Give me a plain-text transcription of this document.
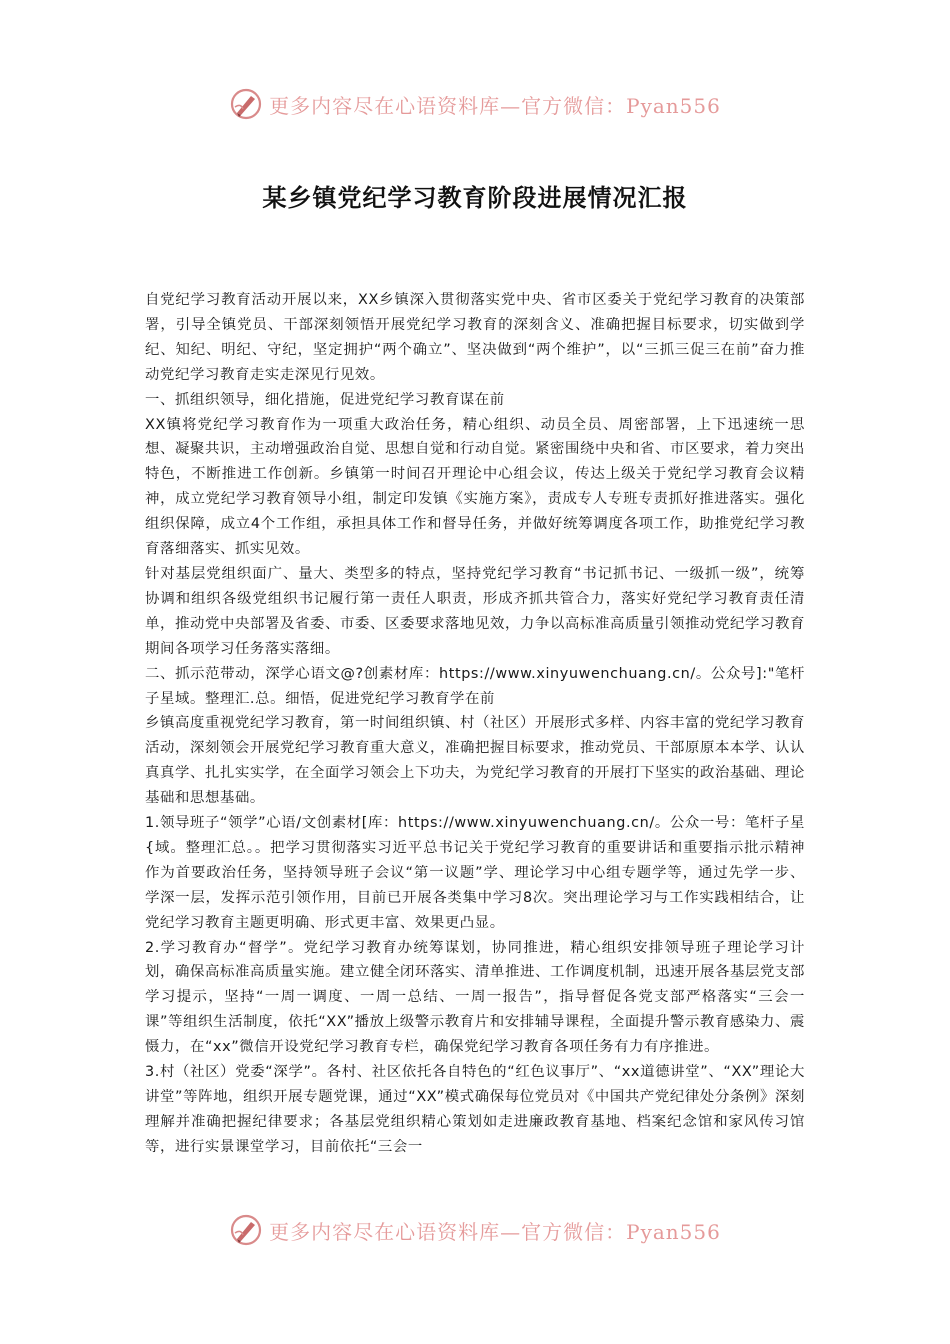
更多内容尽在心语资料库—官方微信：Pyan556
某乡镇党纪学习教育阶段进展情况汇报

自党纪学习教育活动开展以来，XX乡镇深入贯彻落实党中央、省市区委关于党纪学习教育的决策部署，引导全镇党员、干部深刻领悟开展党纪学习教育的深刻含义、准确把握目标要求，切实做到学纪、知纪、明纪、守纪，坚定拥护“两个确立”、坚决做到“两个维护”，以“三抓三促三在前”奋力推动党纪学习教育走实走深见行见效。

一、抓组织领导，细化措施，促进党纪学习教育谋在前

XX镇将党纪学习教育作为一项重大政治任务，精心组织、动员全员、周密部署，上下迅速统一思想、凝聚共识，主动增强政治自觉、思想自觉和行动自觉。紧密围绕中央和省、市区要求，着力突出特色，不断推进工作创新。乡镇第一时间召开理论中心组会议，传达上级关于党纪学习教育会议精神，成立党纪学习教育领导小组，制定印发镇《实施方案》，责成专人专班专责抓好推进落实。强化组织保障，成立4个工作组，承担具体工作和督导任务，并做好统筹调度各项工作，助推党纪学习教育落细落实、抓实见效。

针对基层党组织面广、量大、类型多的特点，坚持党纪学习教育“书记抓书记、一级抓一级”，统筹协调和组织各级党组织书记履行第一责任人职责，形成齐抓共管合力，落实好党纪学习教育责任清单，推动党中央部署及省委、市委、区委要求落地见效，力争以高标准高质量引领推动党纪学习教育期间各项学习任务落实落细。

二、抓示范带动，深学心语文@?创素材库：https://www.xinyuwenchuang.cn/。公众号]:"笔杆子星域。整理汇.总。细悟，促进党纪学习教育学在前

乡镇高度重视党纪学习教育，第一时间组织镇、村（社区）开展形式多样、内容丰富的党纪学习教育活动，深刻领会开展党纪学习教育重大意义，准确把握目标要求，推动党员、干部原原本本学、认认真真学、扎扎实实学，在全面学习领会上下功夫，为党纪学习教育的开展打下坚实的政治基础、理论基础和思想基础。

1.领导班子“领学”心语/文创素材[库：https://www.xinyuwenchuang.cn/。公众一号：笔杆子星{域。整理汇总。。把学习贯彻落实习近平总书记关于党纪学习教育的重要讲话和重要指示批示精神作为首要政治任务，坚持领导班子会议“第一议题”学、理论学习中心组专题学等，通过先学一步、学深一层，发挥示范引领作用，目前已开展各类集中学习8次。突出理论学习与工作实践相结合，让党纪学习教育主题更明确、形式更丰富、效果更凸显。

2.学习教育办“督学”。党纪学习教育办统筹谋划，协同推进，精心组织安排领导班子理论学习计划，确保高标准高质量实施。建立健全闭环落实、清单推进、工作调度机制，迅速开展各基层党支部学习提示，坚持“一周一调度、一周一总结、一周一报告”，指导督促各党支部严格落实“三会一课”等组织生活制度，依托“XX”播放上级警示教育片和安排辅导课程，全面提升警示教育感染力、震慑力，在“xx”微信开设党纪学习教育专栏，确保党纪学习教育各项任务有力有序推进。

3.村（社区）党委“深学”。各村、社区依托各自特色的“红色议事厅”、“xx道德讲堂”、“XX”理论大讲堂”等阵地，组织开展专题党课，通过“XX”模式确保每位党员对《中国共产党纪律处分条例》深刻理解并准确把握纪律要求；各基层党组织精心策划如走进廉政教育基地、档案纪念馆和家风传习馆等，进行实景课堂学习，目前依托“三会一

更多内容尽在心语资料库—官方微信：Pyan556
